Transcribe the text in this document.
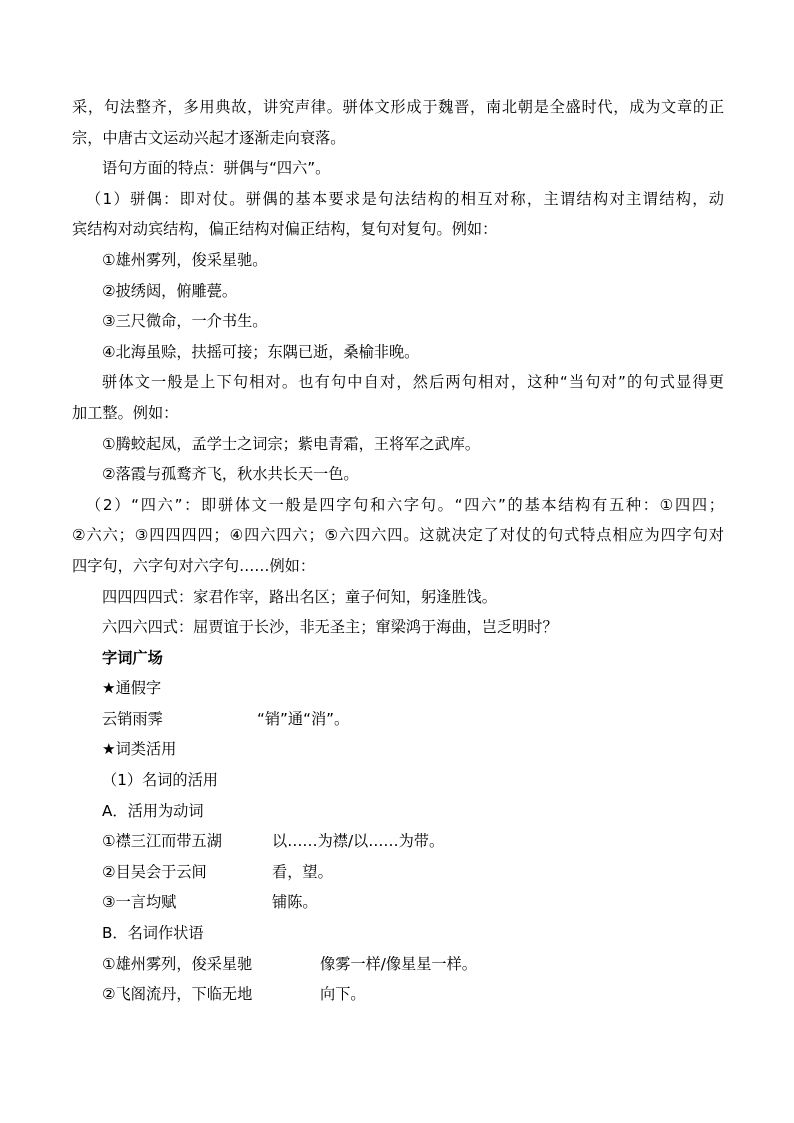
采，句法整齐，多用典故，讲究声律。骈体文形成于魏晋，南北朝是全盛时代，成为文章的正
宗，中唐古文运动兴起才逐渐走向衰落。
语句方面的特点：骈偶与“四六”。
（1）骈偶：即对仗。骈偶的基本要求是句法结构的相互对称，主谓结构对主谓结构，动
宾结构对动宾结构，偏正结构对偏正结构，复句对复句。例如：
①雄州雾列，俊采星驰。
②披绣闼，俯雕甍。
③三尺微命，一介书生。
④北海虽赊，扶摇可接；东隅已逝，桑榆非晚。
骈体文一般是上下句相对。也有句中自对，然后两句相对，这种“当句对”的句式显得更
加工整。例如：
①腾蛟起凤，孟学士之词宗；紫电青霜，王将军之武库。
②落霞与孤鹜齐飞，秋水共长天一色。
（2）“四六”：即骈体文一般是四字句和六字句。“四六”的基本结构有五种：①四四；
②六六；③四四四四；④四六四六；⑤六四六四。这就决定了对仗的句式特点相应为四字句对
四字句，六字句对六字句……例如：
四四四四式：家君作宰，路出名区；童子何知，躬逢胜饯。
六四六四式：屈贾谊于长沙，非无圣主；窜梁鸿于海曲，岂乏明时？
字词广场
★通假字
云销雨霁	“销”通“消”。
★词类活用
（1）名词的活用
A．活用为动词
①襟三江而带五湖	以……为襟/以……为带。
②目吴会于云间	看，望。
③一言均赋	铺陈。
B．名词作状语
①雄州雾列，俊采星驰	像雾一样/像星星一样。
②飞阁流丹，下临无地	向下。
